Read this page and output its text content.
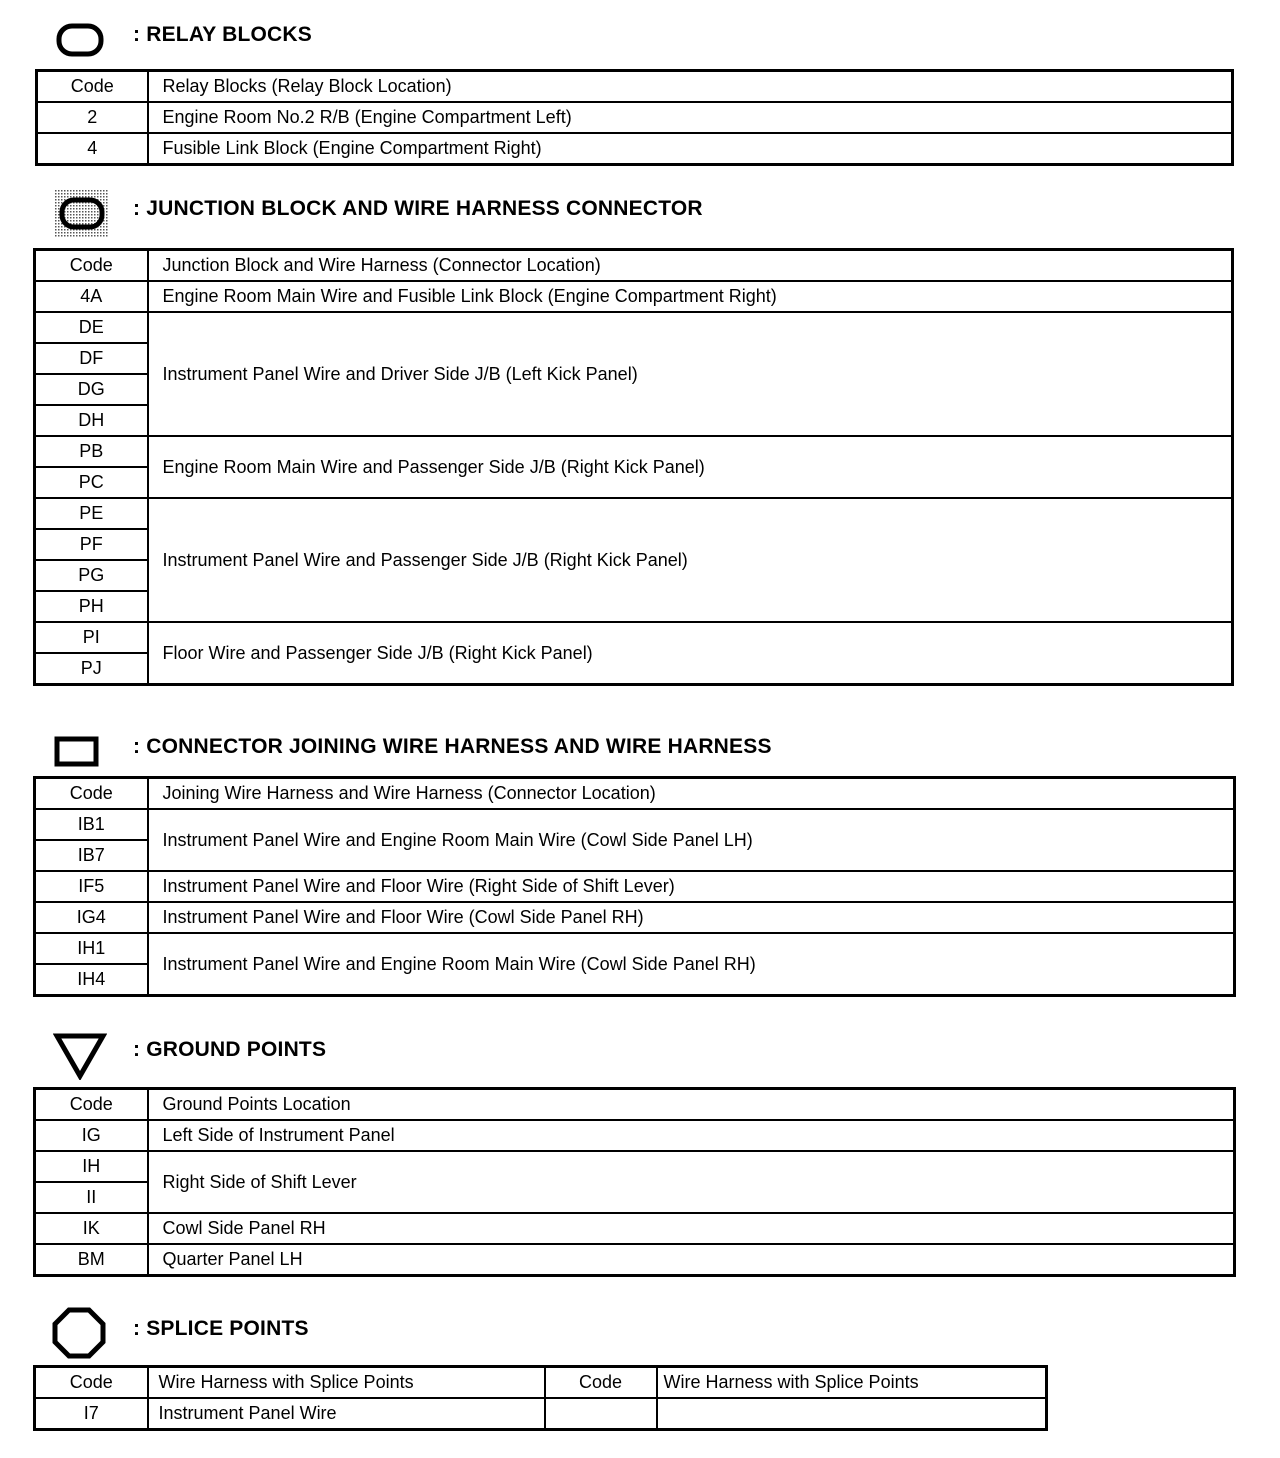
: RELAY BLOCKS
Code	Relay Blocks (Relay Block Location)
2	Engine Room No.2 R/B (Engine Compartment Left)
4	Fusible Link Block (Engine Compartment Right)
: JUNCTION BLOCK AND WIRE HARNESS CONNECTOR
Code	Junction Block and Wire Harness (Connector Location)
4A	Engine Room Main Wire and Fusible Link Block (Engine Compartment Right)
DE	Instrument Panel Wire and Driver Side J/B (Left Kick Panel)
DF	
DG	
DH	
PB	Engine Room Main Wire and Passenger Side J/B (Right Kick Panel)
PC	
PE	Instrument Panel Wire and Passenger Side J/B (Right Kick Panel)
PF	
PG	
PH	
PI	Floor Wire and Passenger Side J/B (Right Kick Panel)
PJ	
: CONNECTOR JOINING WIRE HARNESS AND WIRE HARNESS
Code	Joining Wire Harness and Wire Harness (Connector Location)
IB1	Instrument Panel Wire and Engine Room Main Wire (Cowl Side Panel LH)
IB7	
IF5	Instrument Panel Wire and Floor Wire (Right Side of Shift Lever)
IG4	Instrument Panel Wire and Floor Wire (Cowl Side Panel RH)
IH1	Instrument Panel Wire and Engine Room Main Wire (Cowl Side Panel RH)
IH4	
: GROUND POINTS
Code	Ground Points Location
IG	Left Side of Instrument Panel
IH	Right Side of Shift Lever
II	
IK	Cowl Side Panel RH
BM	Quarter Panel LH
: SPLICE POINTS
Code	Wire Harness with Splice Points	Code	Wire Harness with Splice Points
I7	Instrument Panel Wire		
